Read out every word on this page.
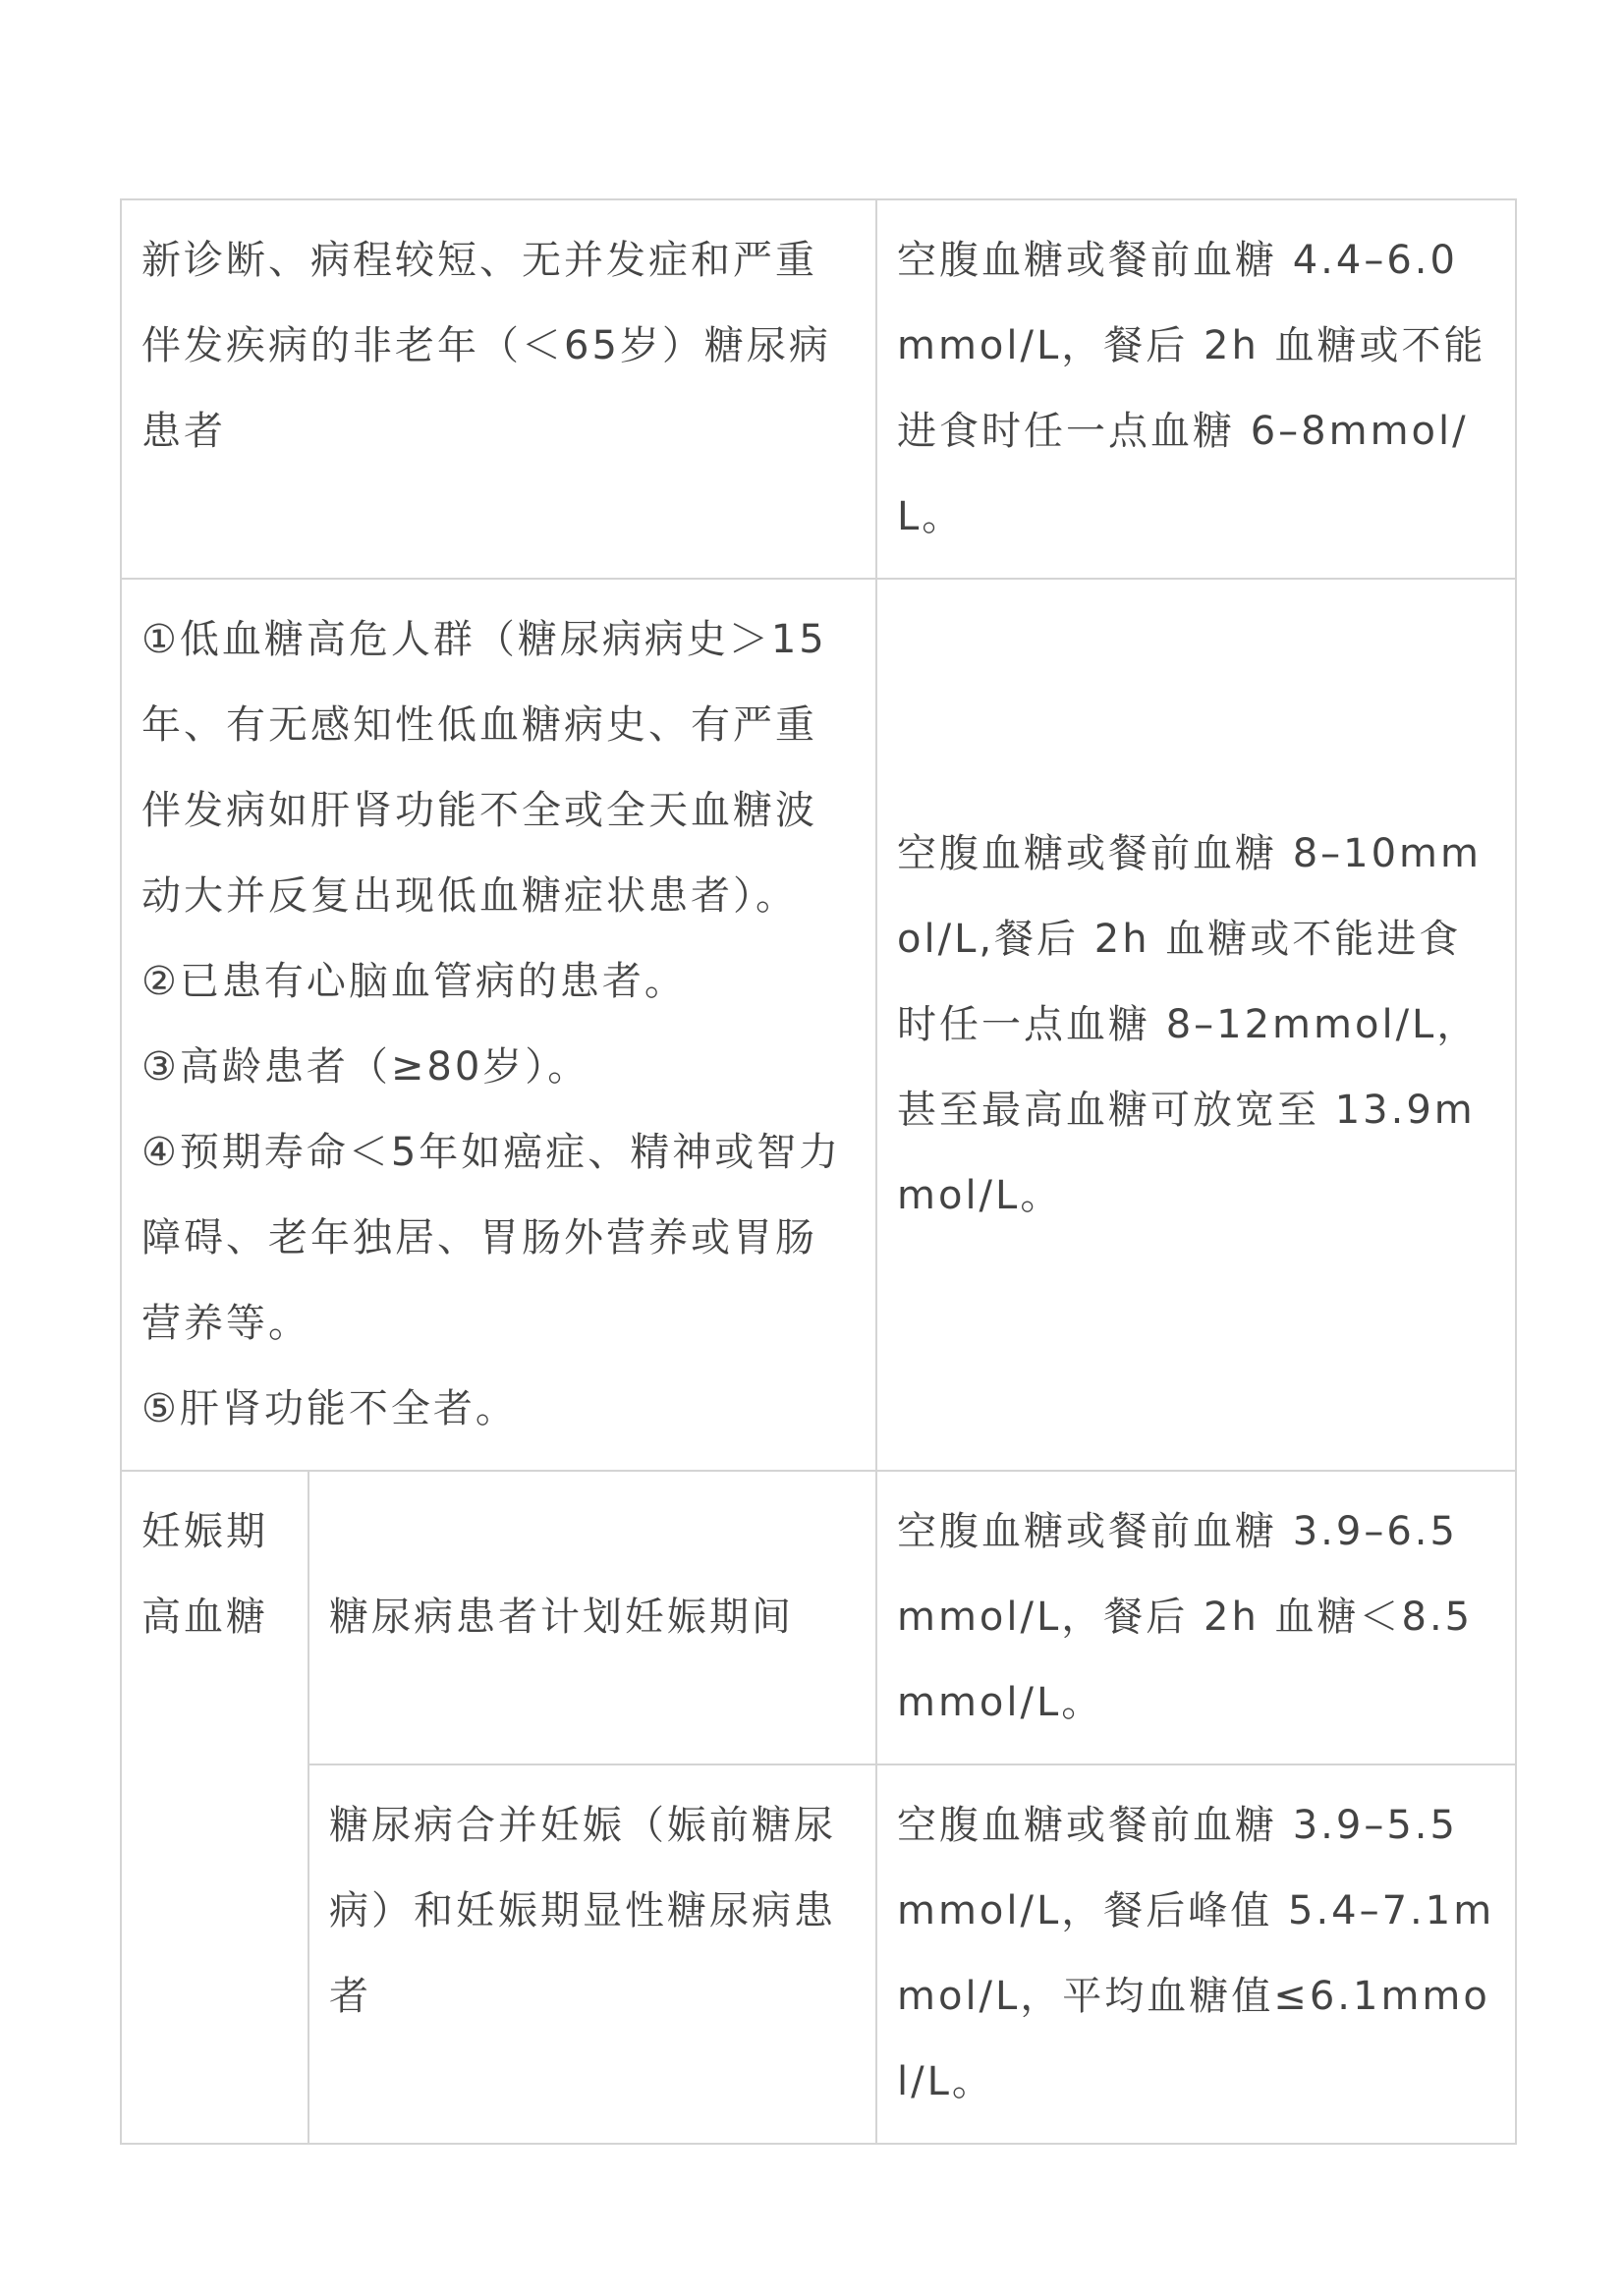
新诊断、病程较短、无并发症和严重伴发疾病的非老年（＜65岁）糖尿病患者		空腹血糖或餐前血糖 4.4–6.0mmol/L，餐后 2h 血糖或不能进食时任一点血糖 6–8mmol/L。

①低血糖高危人群（糖尿病病史＞15年、有无感知性低血糖病史、有严重伴发病如肝肾功能不全或全天血糖波动大并反复出现低血糖症状患者）。
②已患有心脑血管病的患者。
③高龄患者（≥80岁）。
④预期寿命＜5年如癌症、精神或智力障碍、老年独居、胃肠外营养或胃肠营养等。
⑤肝肾功能不全者。		空腹血糖或餐前血糖 8–10mmol/L,餐后 2h 血糖或不能进食时任一点血糖 8–12mmol/L，甚至最高血糖可放宽至 13.9mmol/L。
妊娠期高血糖	糖尿病患者计划妊娠期间	空腹血糖或餐前血糖 3.9–6.5mmol/L，餐后 2h 血糖＜8.5mmol/L。
	糖尿病合并妊娠（娠前糖尿病）和妊娠期显性糖尿病患者	空腹血糖或餐前血糖 3.9–5.5mmol/L，餐后峰值 5.4–7.1mmol/L，平均血糖值≤6.1mmol/L。
